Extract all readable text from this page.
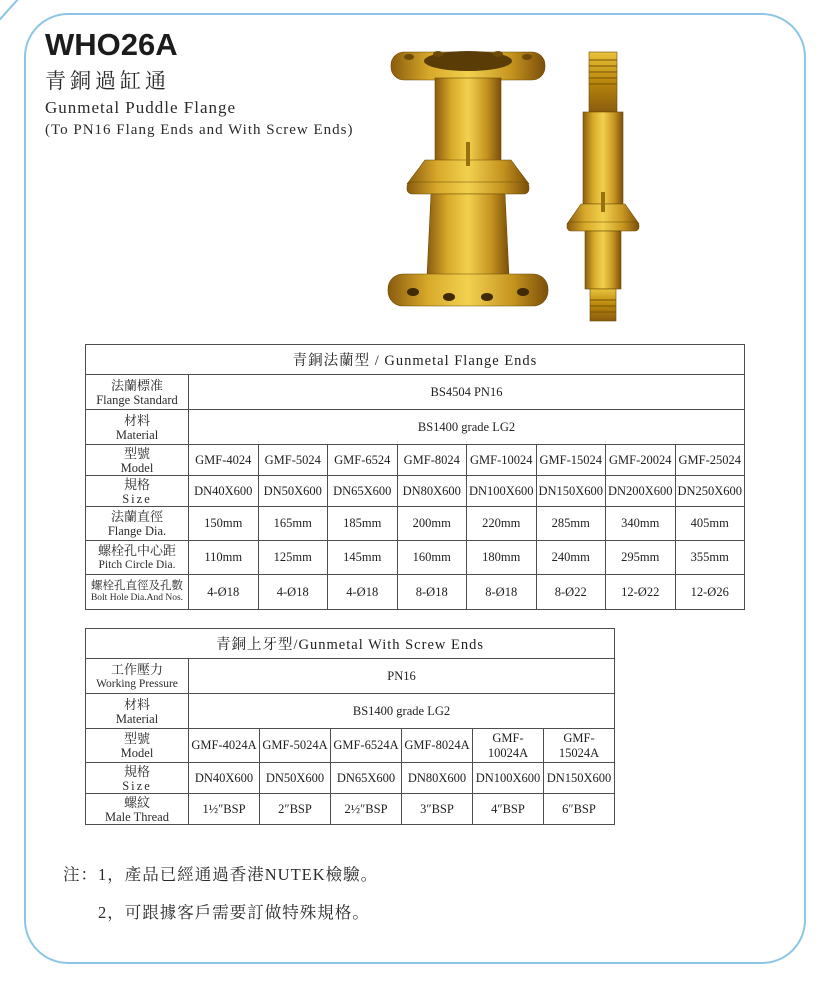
WHO26A
青銅過缸通
Gunmetal Puddle Flange
(To PN16 Flang Ends and With Screw Ends)
青銅法蘭型 / Gunmetal Flange Ends								

法蘭標准
Flange Standard	BS4504 PN16							

材料
Material	BS1400 grade LG2							

型號
Model	GMF-4024	GMF-5024	GMF-6524	GMF-8024	GMF-10024	GMF-15024	GMF-20024	GMF-25024

規格
Size	DN40X600	DN50X600	DN65X600	DN80X600	DN100X600	DN150X600	DN200X600	DN250X600

法蘭直徑
Flange Dia.	150mm	165mm	185mm	200mm	220mm	285mm	340mm	405mm

螺栓孔中心距
Pitch Circle Dia.	110mm	125mm	145mm	160mm	180mm	240mm	295mm	355mm

螺栓孔直徑及孔數
Bolt Hole Dia.And Nos.	4-Ø18	4-Ø18	4-Ø18	8-Ø18	8-Ø18	8-Ø22	12-Ø22	12-Ø26
青銅上牙型/Gunmetal With Screw Ends						

工作壓力
Working Pressure	PN16					

材料
Material	BS1400 grade LG2					

型號
Model	GMF-4024A	GMF-5024A	GMF-6524A	GMF-8024A	GMF-10024A	GMF-15024A

規格
Size	DN40X600	DN50X600	DN65X600	DN80X600	DN100X600	DN150X600

螺紋
Male Thread	1½″BSP	2″BSP	2½″BSP	3″BSP	4″BSP	6″BSP
注：1，產品已經通過香港NUTEK檢驗。
2，可跟據客戶需要訂做特殊規格。
